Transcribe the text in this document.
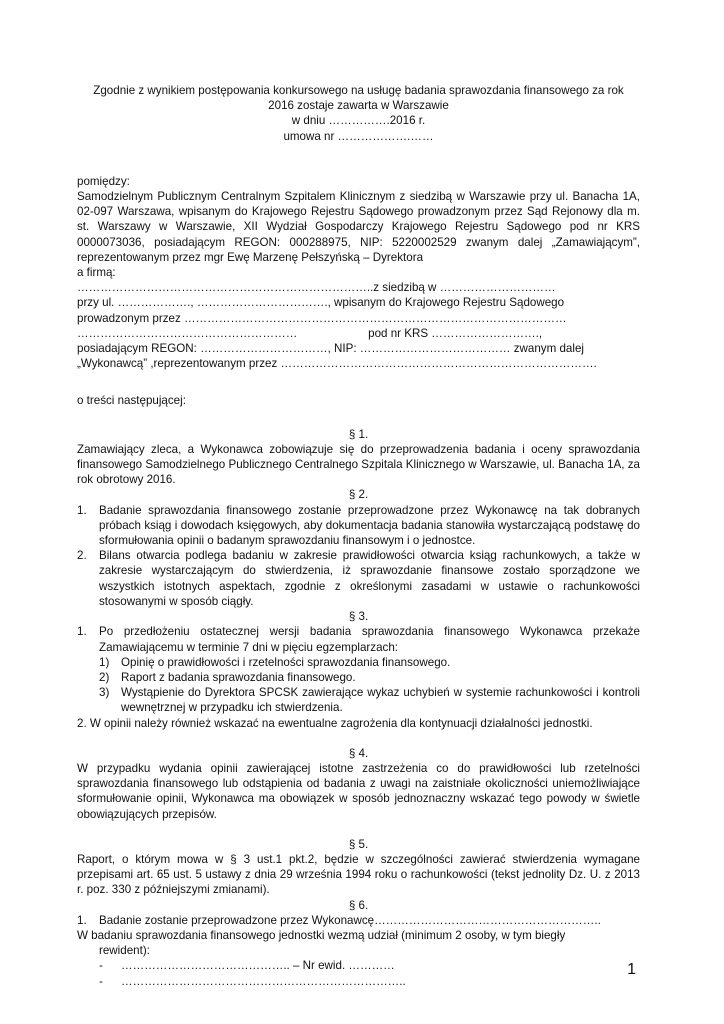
Zgodnie z wynikiem postępowania konkursowego na usługę badania sprawozdania finansowego za rok

2016 zostaje zawarta w Warszawie

w dniu …………….2016 r.

umowa nr ……………….……

pomiędzy:

Samodzielnym Publicznym Centralnym Szpitalem Klinicznym z siedzibą w Warszawie przy ul. Banacha 1A, 02-097 Warszawa, wpisanym do Krajowego Rejestru Sądowego prowadzonym przez Sąd Rejonowy dla m. st. Warszawy w Warszawie, XII Wydział Gospodarczy Krajowego Rejestru Sądowego pod nr KRS 0000073036, posiadającym REGON: 000288975, NIP: 5220002529 zwanym dalej „Zamawiającym”, reprezentowanym przez mgr Ewę Marzenę Pełszyńską – Dyrektora

a firmą:

…………………………………………………………………..z siedzibą w …………………………

przy ul. ………………., ……………………………., wpisanym do Krajowego Rejestru Sądowego

prowadzonym przez ………………………………………………………………………………………

…………………………………………………                      pod nr KRS ……………………….,

posiadającym REGON: ……………………………, NIP: ………………………………… zwanym dalej

„Wykonawcą” ,reprezentowanym przez ……………………………………………………………………….

o treści następującej:

§ 1.

Zamawiający zleca, a Wykonawca zobowiązuje się do przeprowadzenia badania i oceny sprawozdania finansowego Samodzielnego Publicznego Centralnego Szpitala Klinicznego w Warszawie, ul. Banacha 1A, za rok obrotowy 2016.

§ 2.

1.	Badanie sprawozdania finansowego zostanie przeprowadzone przez Wykonawcę na tak dobranych próbach ksiąg i dowodach księgowych, aby dokumentacja badania stanowiła wystarczającą podstawę do sformułowania opinii o badanym sprawozdaniu finansowym i o jednostce.
2.	Bilans otwarcia podlega badaniu w zakresie prawidłowości otwarcia ksiąg rachunkowych, a także w zakresie wystarczającym do stwierdzenia, iż sprawozdanie finansowe zostało sporządzone we wszystkich istotnych aspektach, zgodnie z określonymi zasadami w ustawie o rachunkowości stosowanymi w sposób ciągły.

§ 3.

1.	Po przedłożeniu ostatecznej wersji badania sprawozdania finansowego Wykonawca przekaże Zamawiającemu w terminie 7 dni w pięciu egzemplarzach:
1)	Opinię o prawidłowości i rzetelności sprawozdania finansowego.
2)	Raport z badania sprawozdania finansowego.
3)	Wystąpienie do Dyrektora SPCSK zawierające wykaz uchybień w systemie rachunkowości i kontroli wewnętrznej w przypadku ich stwierdzenia.

2. W opinii należy również wskazać na ewentualne zagrożenia dla kontynuacji działalności jednostki.

§ 4.

W przypadku wydania opinii zawierającej istotne zastrzeżenia co do prawidłowości lub rzetelności sprawozdania finansowego lub odstąpienia od badania z uwagi na zaistniałe okoliczności uniemożliwiające sformułowanie opinii, Wykonawca ma obowiązek w sposób jednoznaczny wskazać tego powody w świetle obowiązujących przepisów.

§ 5.

Raport, o którym mowa w § 3 ust.1 pkt.2, będzie w szczególności zawierać stwierdzenia wymagane przepisami art. 65 ust. 5 ustawy z dnia 29 września 1994 roku o rachunkowości (tekst jednolity Dz. U. z 2013 r. poz. 330 z późniejszymi zmianami).

§ 6.

1.	Badanie zostanie przeprowadzone przez Wykonawcę…………………………………………………..

W badaniu sprawozdania finansowego jednostki wezmą udział (minimum 2 osoby, w tym biegły

rewident):

-	…………………………………….. – Nr ewid. …………
-	………………………………………………………………..
1
